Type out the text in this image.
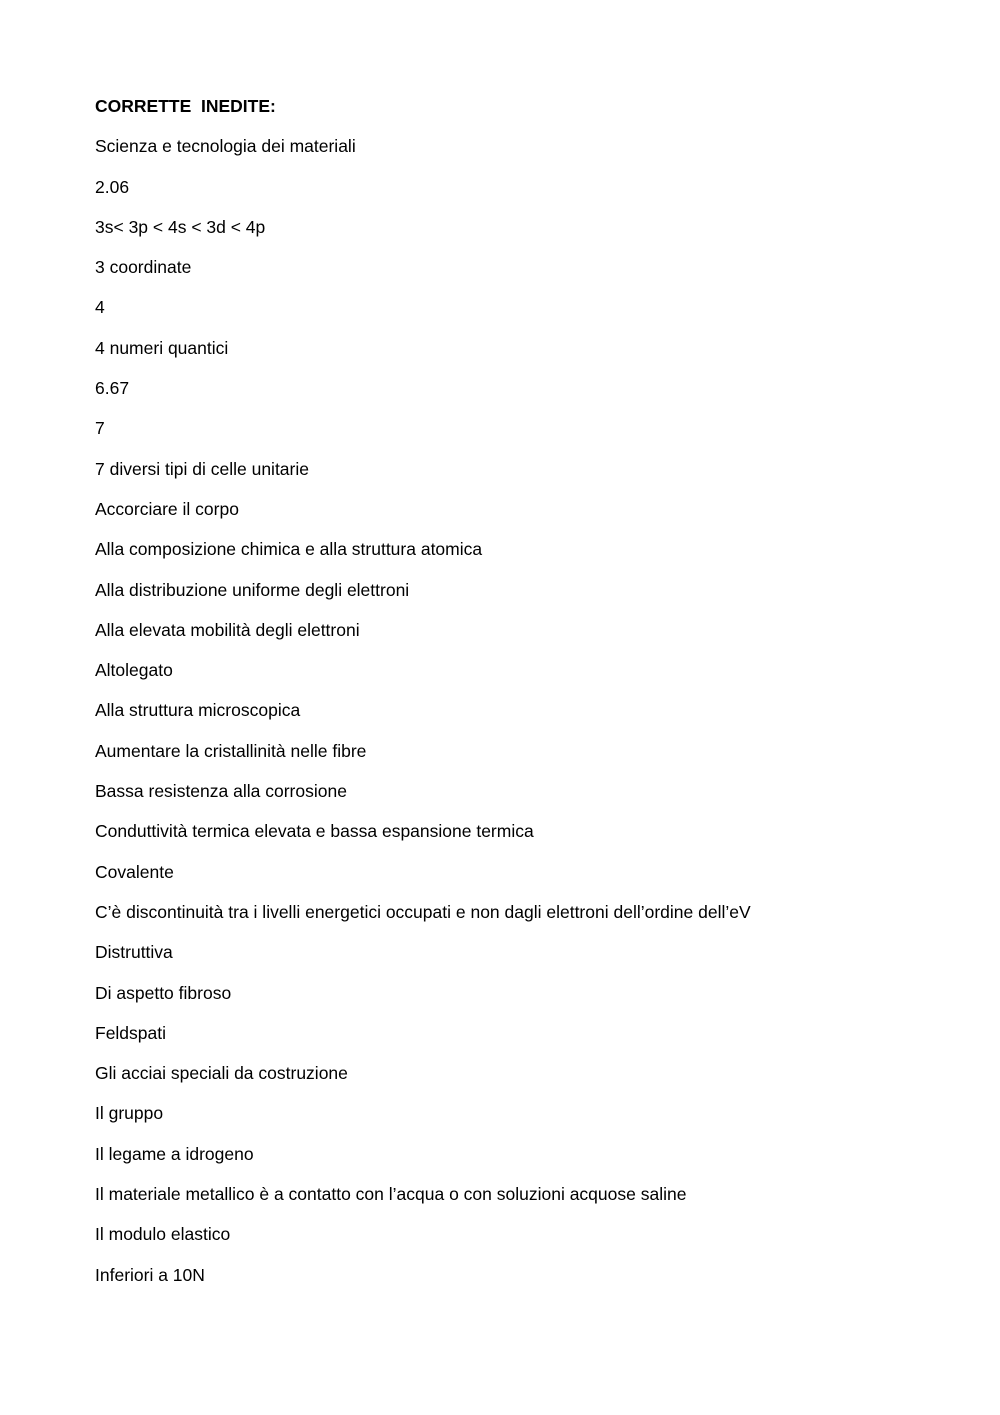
CORRETTE  INEDITE:
Scienza e tecnologia dei materiali
2.06
3s< 3p < 4s < 3d < 4p
3 coordinate
4
4 numeri quantici
6.67
7
7 diversi tipi di celle unitarie
Accorciare il corpo
Alla composizione chimica e alla struttura atomica
Alla distribuzione uniforme degli elettroni
Alla elevata mobilità degli elettroni
Altolegato
Alla struttura microscopica
Aumentare la cristallinità nelle fibre
Bassa resistenza alla corrosione
Conduttività termica elevata e bassa espansione termica
Covalente
C’è discontinuità tra i livelli energetici occupati e non dagli elettroni dell’ordine dell’eV
Distruttiva
Di aspetto fibroso
Feldspati
Gli acciai speciali da costruzione
Il gruppo
Il legame a idrogeno
Il materiale metallico è a contatto con l’acqua o con soluzioni acquose saline
Il modulo elastico
Inferiori a 10N
